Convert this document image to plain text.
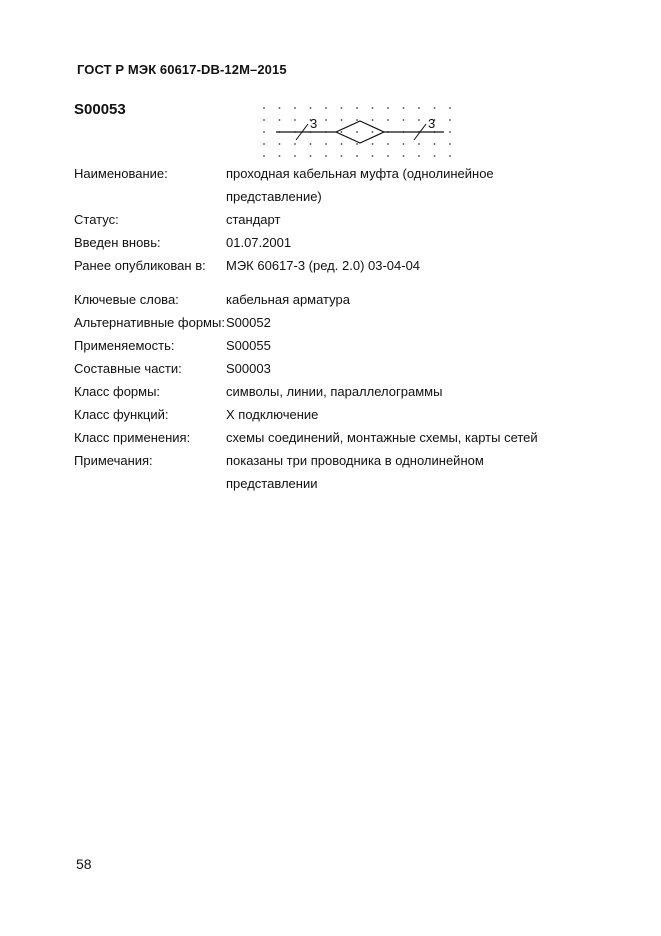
ГОСТ Р МЭК 60617-DB-12M–2015
S00053
3	3
Наименование:	проходная кабельная муфта (однолинейное представление)
Статус:	стандарт
Введен вновь:	01.07.2001
Ранее опубликован в:	МЭК 60617-3 (ред. 2.0) 03-04-04
Ключевые слова:	кабельная арматура
Альтернативные формы: S00052
Применяемость:	S00055
Составные части:	S00003
Класс формы:	символы, линии, параллелограммы
Класс функций:	X подключение
Класс применения:	схемы соединений, монтажные схемы, карты сетей
Примечания:	показаны три проводника в однолинейном представлении
58
